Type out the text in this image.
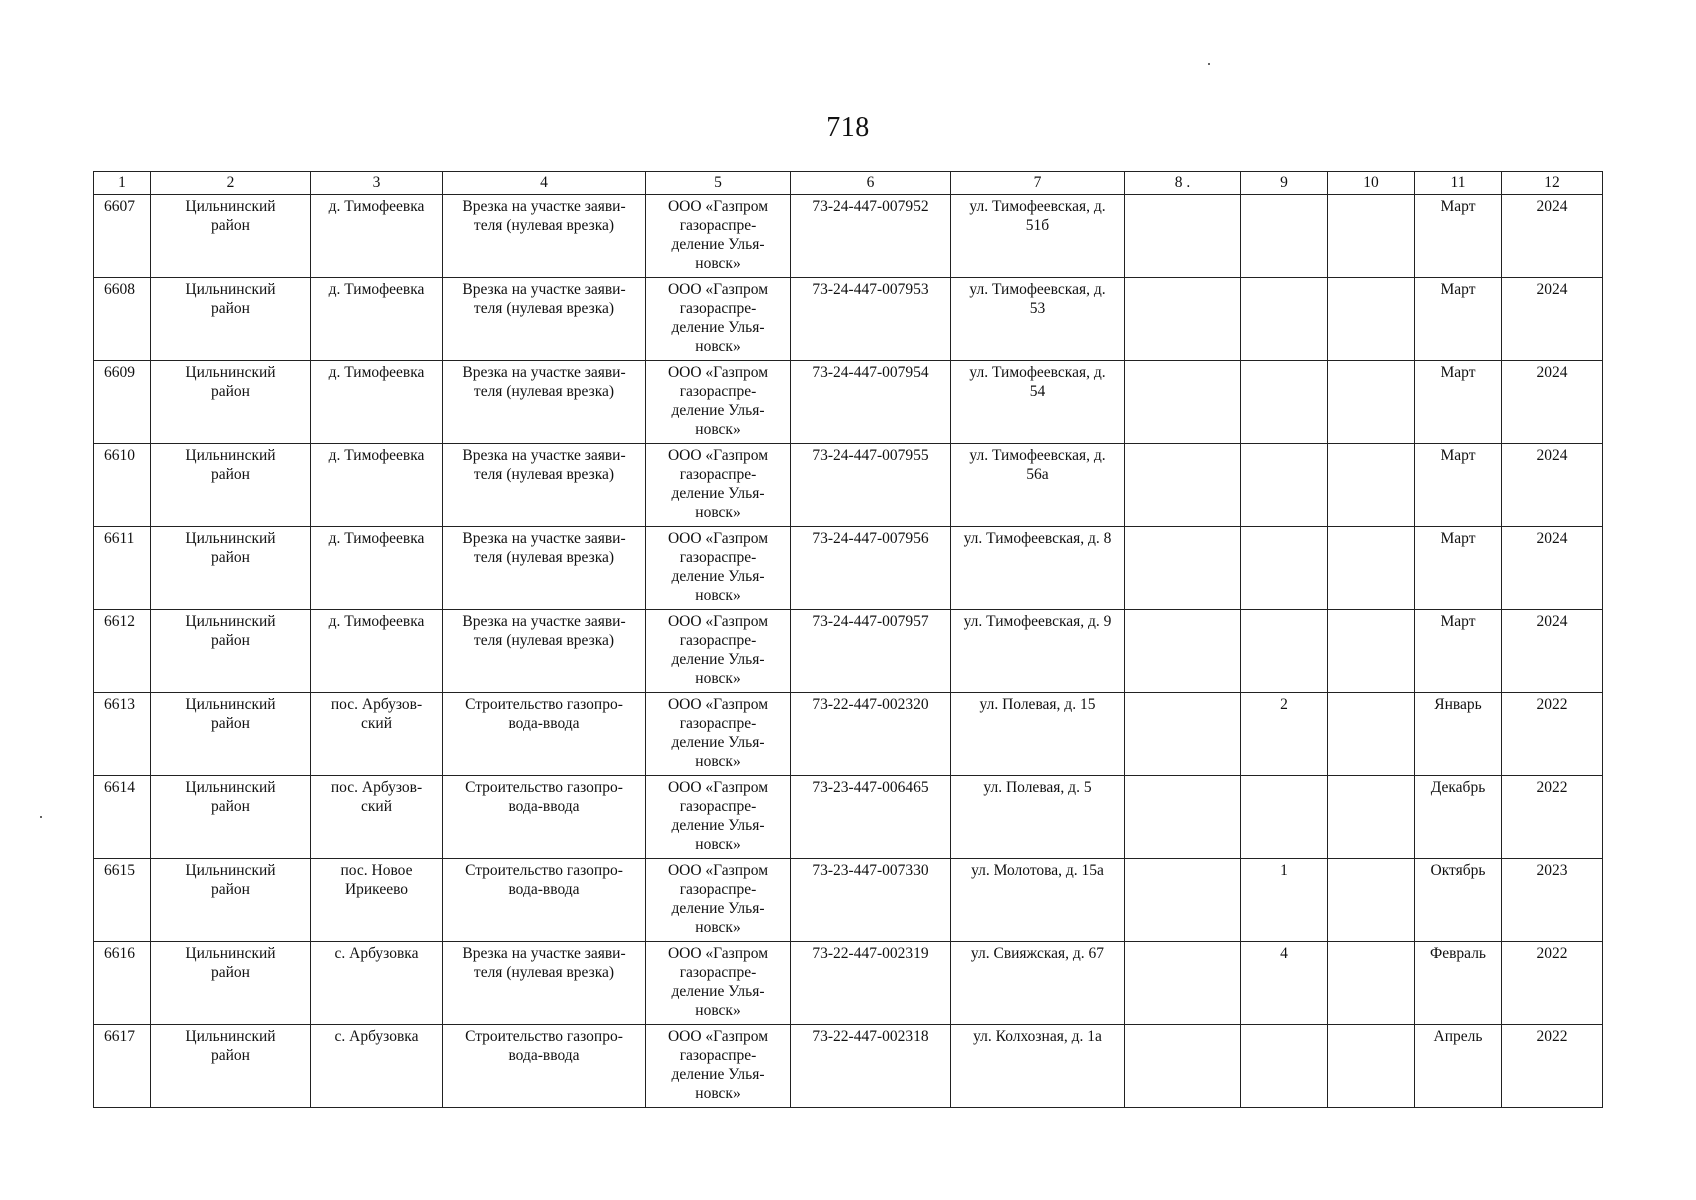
718
1	2	3	4	5	6	7	8 .	9	10	11	12
6607	Цильнинский район	д. Тимофеевка	Врезка на участке заяви-теля (нулевая врезка)	ООО «Газпром газораспре-деление Улья-новск»	73-24-447-007952	ул. Тимофеевская, д. 51б				Март	2024
6608	Цильнинский район	д. Тимофеевка	Врезка на участке заяви-теля (нулевая врезка)	ООО «Газпром газораспре-деление Улья-новск»	73-24-447-007953	ул. Тимофеевская, д. 53				Март	2024
6609	Цильнинский район	д. Тимофеевка	Врезка на участке заяви-теля (нулевая врезка)	ООО «Газпром газораспре-деление Улья-новск»	73-24-447-007954	ул. Тимофеевская, д. 54				Март	2024
6610	Цильнинский район	д. Тимофеевка	Врезка на участке заяви-теля (нулевая врезка)	ООО «Газпром газораспре-деление Улья-новск»	73-24-447-007955	ул. Тимофеевская, д. 56а				Март	2024
6611	Цильнинский район	д. Тимофеевка	Врезка на участке заяви-теля (нулевая врезка)	ООО «Газпром газораспре-деление Улья-новск»	73-24-447-007956	ул. Тимофеевская, д. 8				Март	2024
6612	Цильнинский район	д. Тимофеевка	Врезка на участке заяви-теля (нулевая врезка)	ООО «Газпром газораспре-деление Улья-новск»	73-24-447-007957	ул. Тимофеевская, д. 9				Март	2024
6613	Цильнинский район	пос. Арбузов-ский	Строительство газопро-вода-ввода	ООО «Газпром газораспре-деление Улья-новск»	73-22-447-002320	ул. Полевая, д. 15		2		Январь	2022
6614	Цильнинский район	пос. Арбузов-ский	Строительство газопро-вода-ввода	ООО «Газпром газораспре-деление Улья-новск»	73-23-447-006465	ул. Полевая, д. 5				Декабрь	2022
6615	Цильнинский район	пос. Новое Ирикеево	Строительство газопро-вода-ввода	ООО «Газпром газораспре-деление Улья-новск»	73-23-447-007330	ул. Молотова, д. 15а		1		Октябрь	2023
6616	Цильнинский район	с. Арбузовка	Врезка на участке заяви-теля (нулевая врезка)	ООО «Газпром газораспре-деление Улья-новск»	73-22-447-002319	ул. Свияжская, д. 67		4		Февраль	2022
6617	Цильнинский район	с. Арбузовка	Строительство газопро-вода-ввода	ООО «Газпром газораспре-деление Улья-новск»	73-22-447-002318	ул. Колхозная, д. 1а				Апрель	2022
